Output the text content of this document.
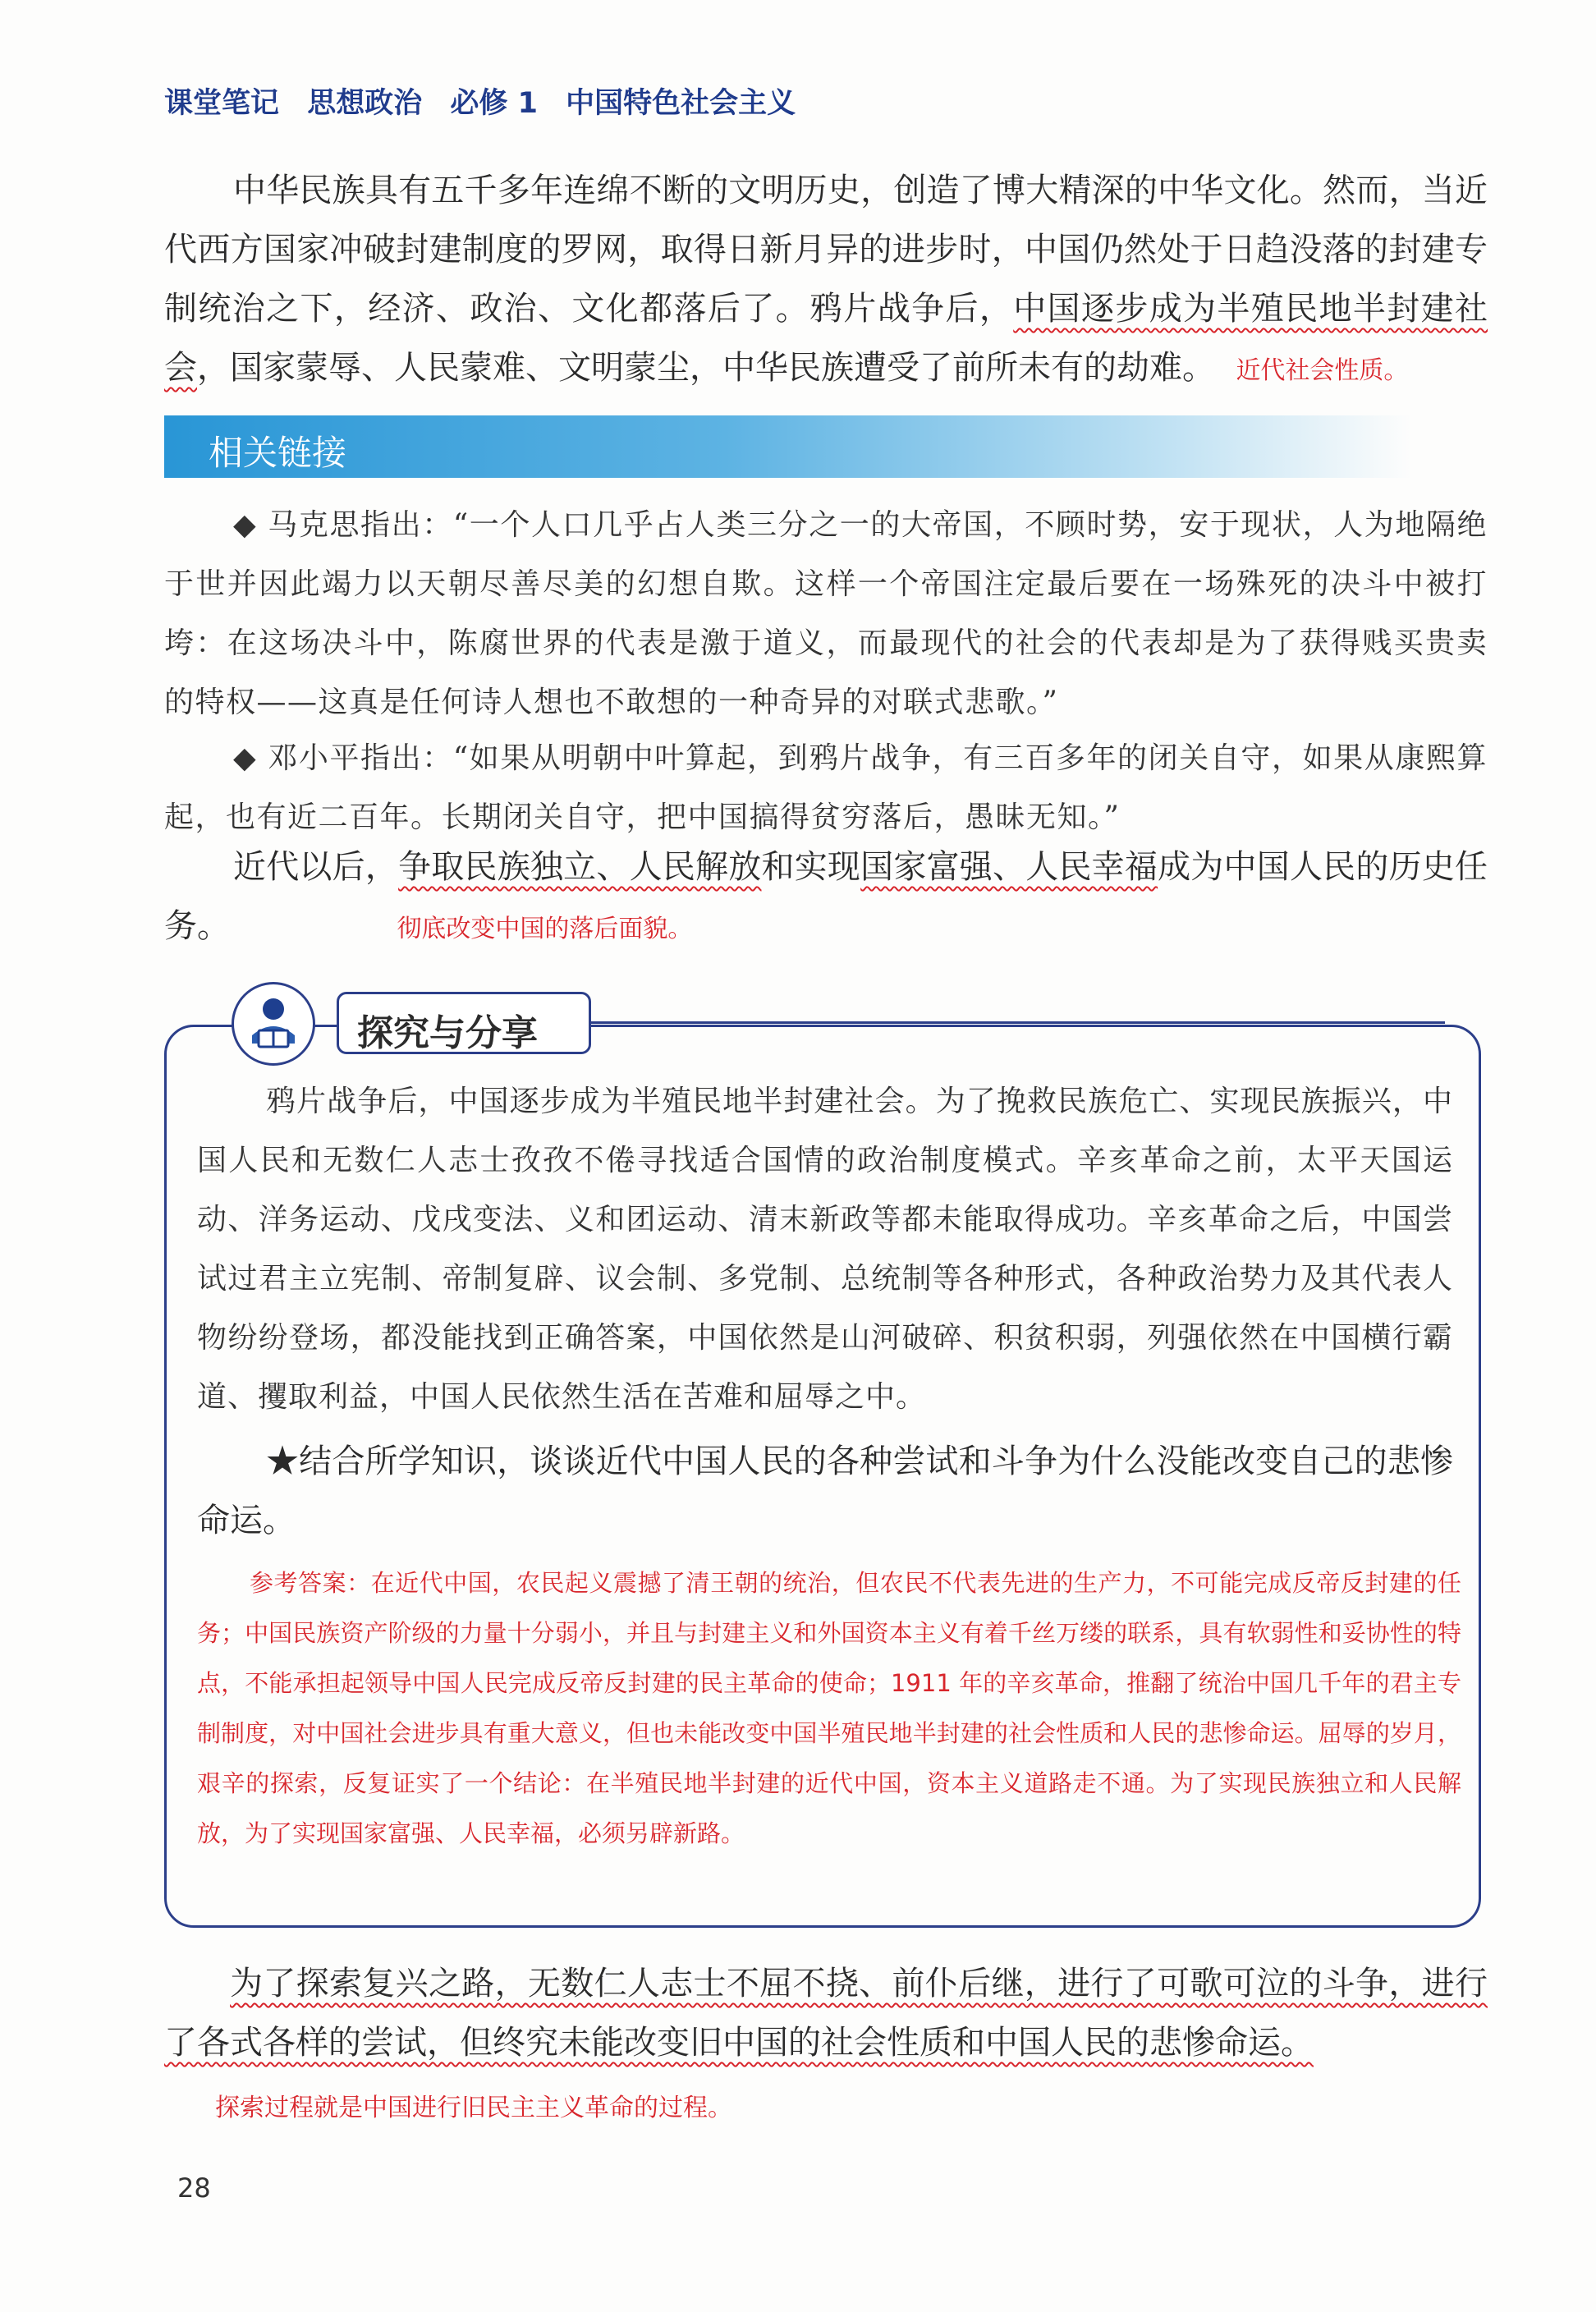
课堂笔记 思想政治 必修 1 中国特色社会主义

中华民族具有五千多年连绵不断的文明历史，创造了博大精深的中华文化。然而，当近代西方国家冲破封建制度的罗网，取得日新月异的进步时，中国仍然处于日趋没落的封建专制统治之下，经济、政治、文化都落后了。鸦片战争后，中国逐步成为半殖民地半封建社会，国家蒙辱、人民蒙难、文明蒙尘，中华民族遭受了前所未有的劫难。 近代社会性质。

相关链接

◆ 马克思指出：“一个人口几乎占人类三分之一的大帝国，不顾时势，安于现状，人为地隔绝于世并因此竭力以天朝尽善尽美的幻想自欺。这样一个帝国注定最后要在一场殊死的决斗中被打垮：在这场决斗中，陈腐世界的代表是激于道义，而最现代的社会的代表却是为了获得贱买贵卖的特权——这真是任何诗人想也不敢想的一种奇异的对联式悲歌。”

◆ 邓小平指出：“如果从明朝中叶算起，到鸦片战争，有三百多年的闭关自守，如果从康熙算起，也有近二百年。长期闭关自守，把中国搞得贫穷落后，愚昧无知。”

近代以后，争取民族独立、人民解放和实现国家富强、人民幸福成为中国人民的历史任务。	彻底改变中国的落后面貌。

探究与分享

鸦片战争后，中国逐步成为半殖民地半封建社会。为了挽救民族危亡、实现民族振兴，中国人民和无数仁人志士孜孜不倦寻找适合国情的政治制度模式。辛亥革命之前，太平天国运动、洋务运动、戊戌变法、义和团运动、清末新政等都未能取得成功。辛亥革命之后，中国尝试过君主立宪制、帝制复辟、议会制、多党制、总统制等各种形式，各种政治势力及其代表人物纷纷登场，都没能找到正确答案，中国依然是山河破碎、积贫积弱，列强依然在中国横行霸道、攫取利益，中国人民依然生活在苦难和屈辱之中。

★结合所学知识，谈谈近代中国人民的各种尝试和斗争为什么没能改变自己的悲惨命运。

参考答案：在近代中国，农民起义震撼了清王朝的统治，但农民不代表先进的生产力，不可能完成反帝反封建的任务；中国民族资产阶级的力量十分弱小，并且与封建主义和外国资本主义有着千丝万缕的联系，具有软弱性和妥协性的特点，不能承担起领导中国人民完成反帝反封建的民主革命的使命；1911 年的辛亥革命，推翻了统治中国几千年的君主专制制度，对中国社会进步具有重大意义，但也未能改变中国半殖民地半封建的社会性质和人民的悲惨命运。屈辱的岁月，艰辛的探索，反复证实了一个结论：在半殖民地半封建的近代中国，资本主义道路走不通。为了实现民族独立和人民解放，为了实现国家富强、人民幸福，必须另辟新路。

为了探索复兴之路，无数仁人志士不屈不挠、前仆后继，进行了可歌可泣的斗争，进行了各式各样的尝试，但终究未能改变旧中国的社会性质和中国人民的悲惨命运。

探索过程就是中国进行旧民主主义革命的过程。
28
